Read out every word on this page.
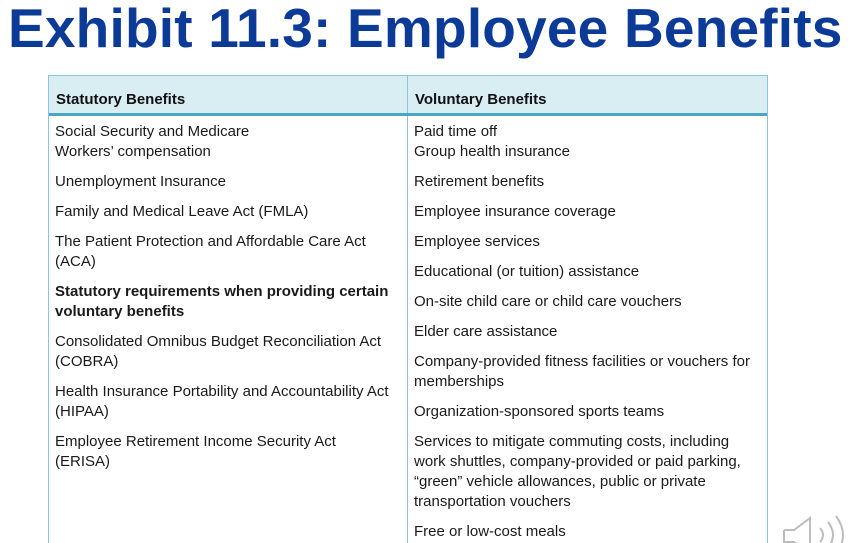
Exhibit 11.3: Employee Benefits
Statutory Benefits	Voluntary Benefits
Social Security and Medicare
Workers’ compensation
Unemployment Insurance
Family and Medical Leave Act (FMLA)
The Patient Protection and Affordable Care Act
(ACA)
Statutory requirements when providing certain
voluntary benefits
Consolidated Omnibus Budget Reconciliation Act
(COBRA)
Health Insurance Portability and Accountability Act
(HIPAA)
Employee Retirement Income Security Act
(ERISA)
Paid time off
Group health insurance
Retirement benefits
Employee insurance coverage
Employee services
Educational (or tuition) assistance
On-site child care or child care vouchers
Elder care assistance
Company-provided fitness facilities or vouchers for
memberships
Organization-sponsored sports teams
Services to mitigate commuting costs, including
work shuttles, company-provided or paid parking,
“green” vehicle allowances, public or private
transportation vouchers
Free or low-cost meals
